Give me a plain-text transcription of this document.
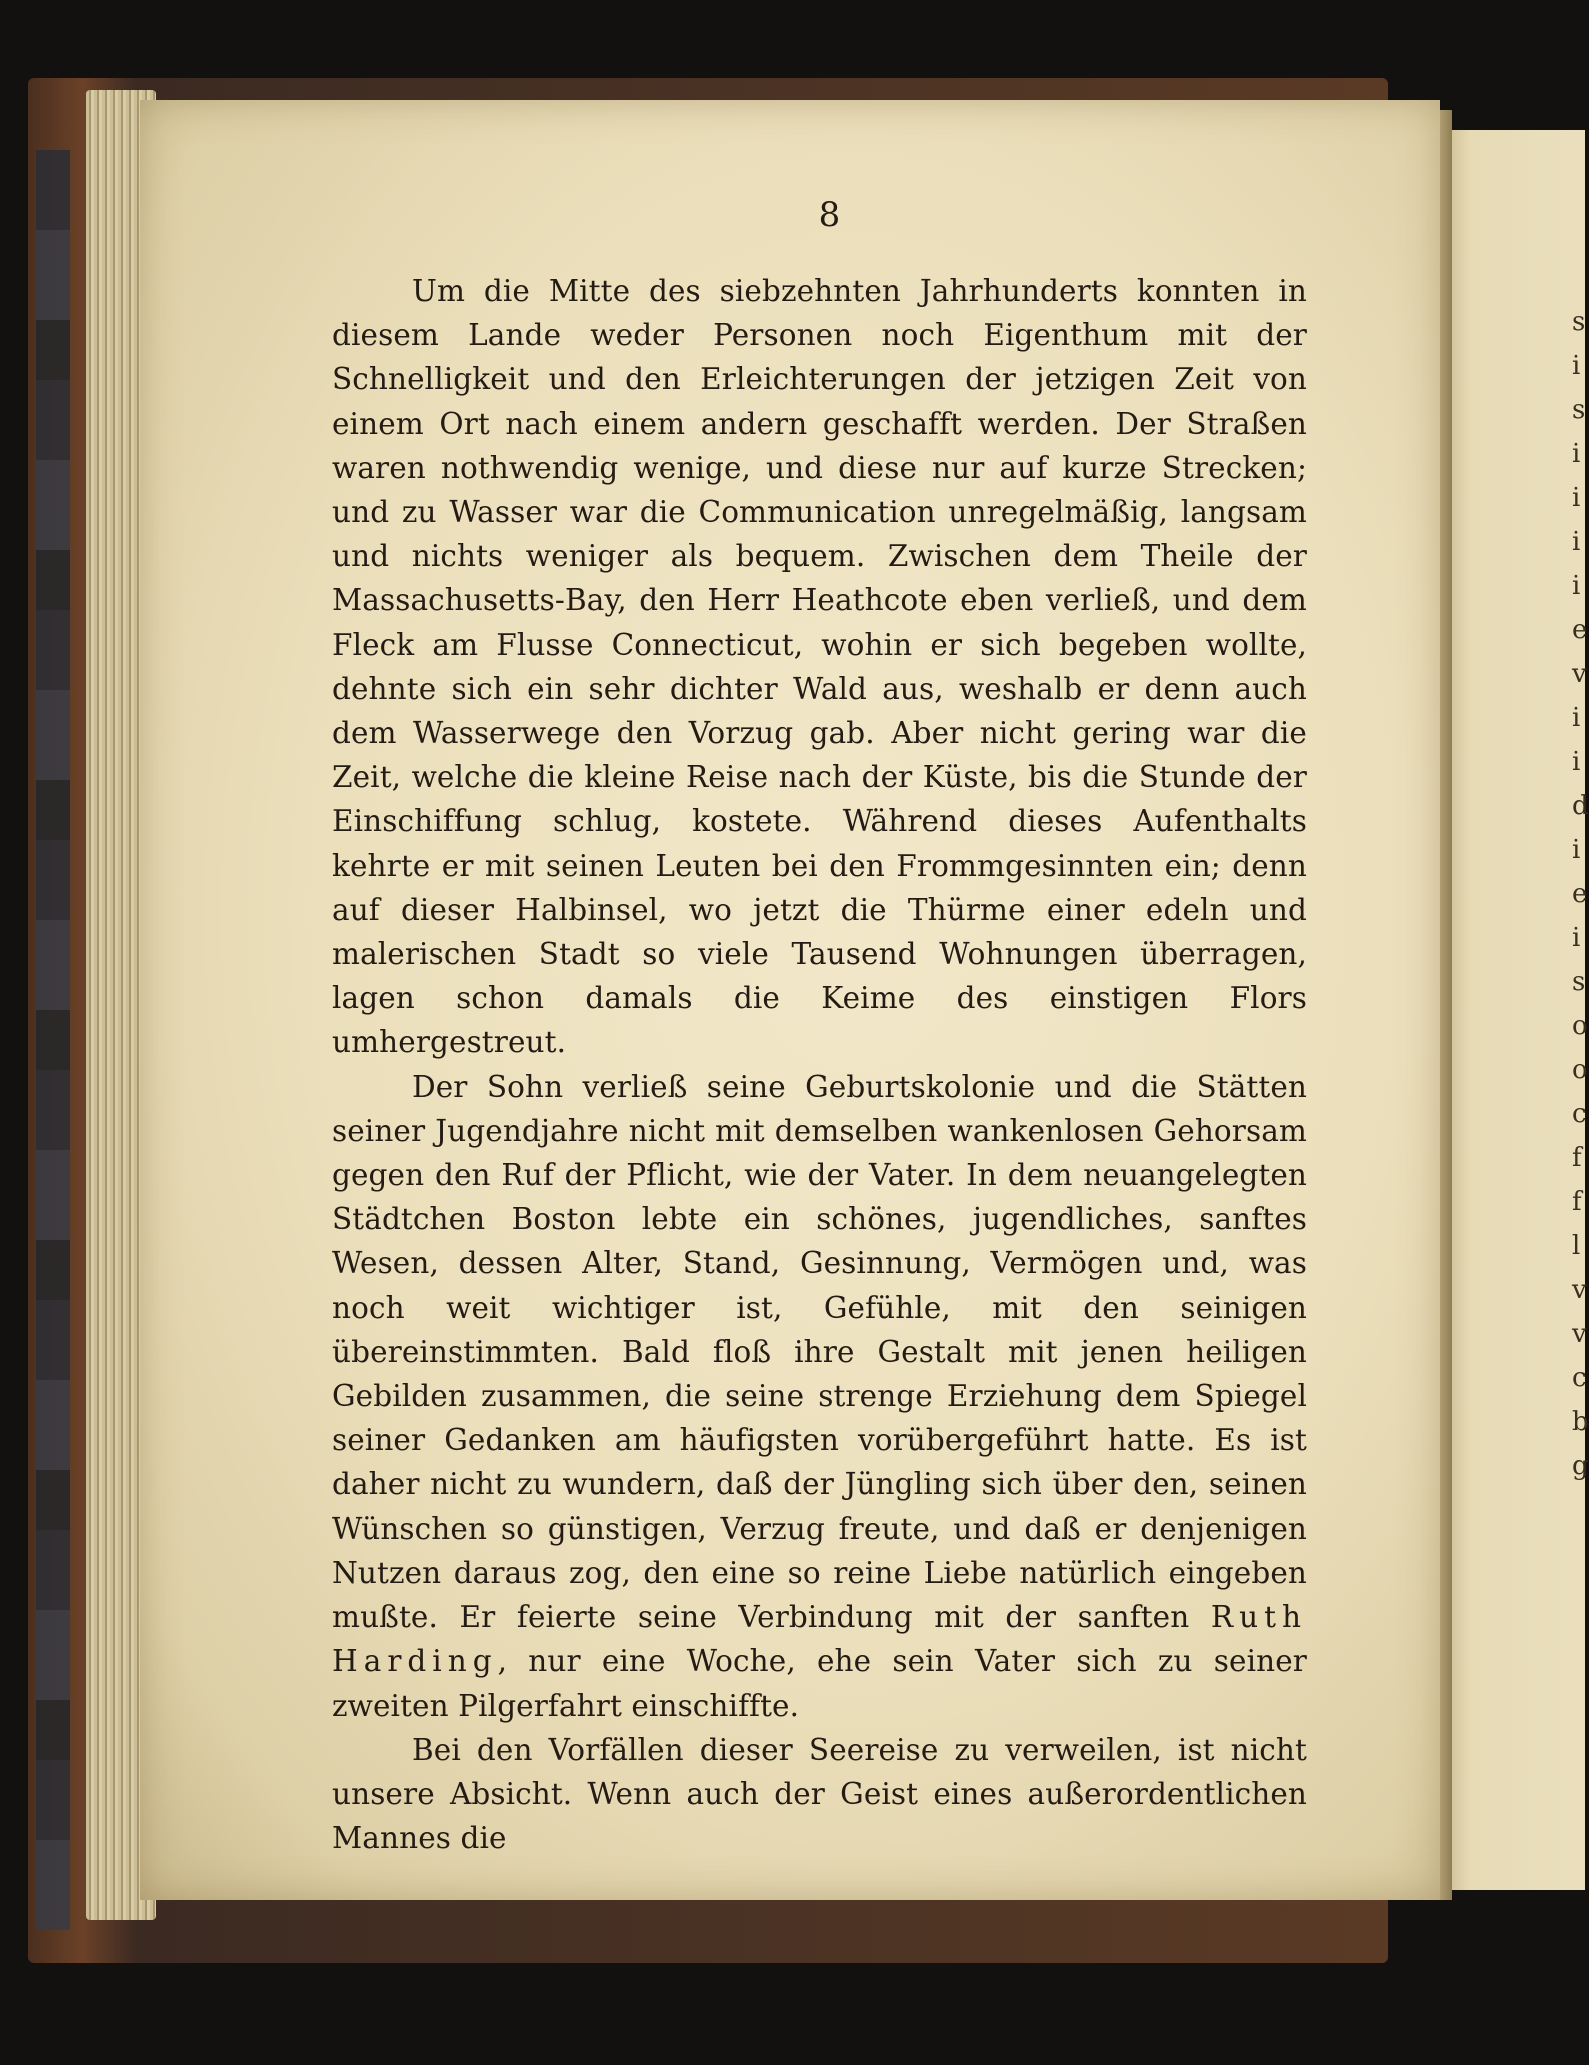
s
i
s
i
i
i
i
e
v
i
i
d
i
e
i
s
o
o
c
f
f
l
v
v
c
b
g
8

Um die Mitte des siebzehnten Jahrhunderts konnten in diesem Lande weder Personen noch Eigenthum mit der Schnelligkeit und den Erleichterungen der jetzigen Zeit von einem Ort nach einem andern geschafft werden. Der Straßen waren nothwendig wenige, und diese nur auf kurze Strecken; und zu Wasser war die Communication unregelmäßig, langsam und nichts weniger als bequem. Zwischen dem Theile der Massachusetts-Bay, den Herr Heathcote eben verließ, und dem Fleck am Flusse Connecticut, wohin er sich begeben wollte, dehnte sich ein sehr dichter Wald aus, weshalb er denn auch dem Wasserwege den Vorzug gab. Aber nicht gering war die Zeit, welche die kleine Reise nach der Küste, bis die Stunde der Einschiffung schlug, kostete. Während dieses Aufenthalts kehrte er mit seinen Leuten bei den Frommgesinnten ein; denn auf dieser Halbinsel, wo jetzt die Thürme einer edeln und malerischen Stadt so viele Tausend Wohnungen überragen, lagen schon damals die Keime des einstigen Flors umhergestreut.

Der Sohn verließ seine Geburtskolonie und die Stätten seiner Jugendjahre nicht mit demselben wankenlosen Gehorsam gegen den Ruf der Pflicht, wie der Vater. In dem neuangelegten Städtchen Boston lebte ein schönes, jugendliches, sanftes Wesen, dessen Alter, Stand, Gesinnung, Vermögen und, was noch weit wichtiger ist, Gefühle, mit den seinigen übereinstimmten. Bald floß ihre Gestalt mit jenen heiligen Gebilden zusammen, die seine strenge Erziehung dem Spiegel seiner Gedanken am häufigsten vorübergeführt hatte. Es ist daher nicht zu wundern, daß der Jüngling sich über den, seinen Wünschen so günstigen, Verzug freute, und daß er denjenigen Nutzen daraus zog, den eine so reine Liebe natürlich eingeben mußte. Er feierte seine Verbindung mit der sanften Ruth Harding, nur eine Woche, ehe sein Vater sich zu seiner zweiten Pilgerfahrt einschiffte.

Bei den Vorfällen dieser Seereise zu verweilen, ist nicht unsere Absicht. Wenn auch der Geist eines außerordentlichen Mannes die
